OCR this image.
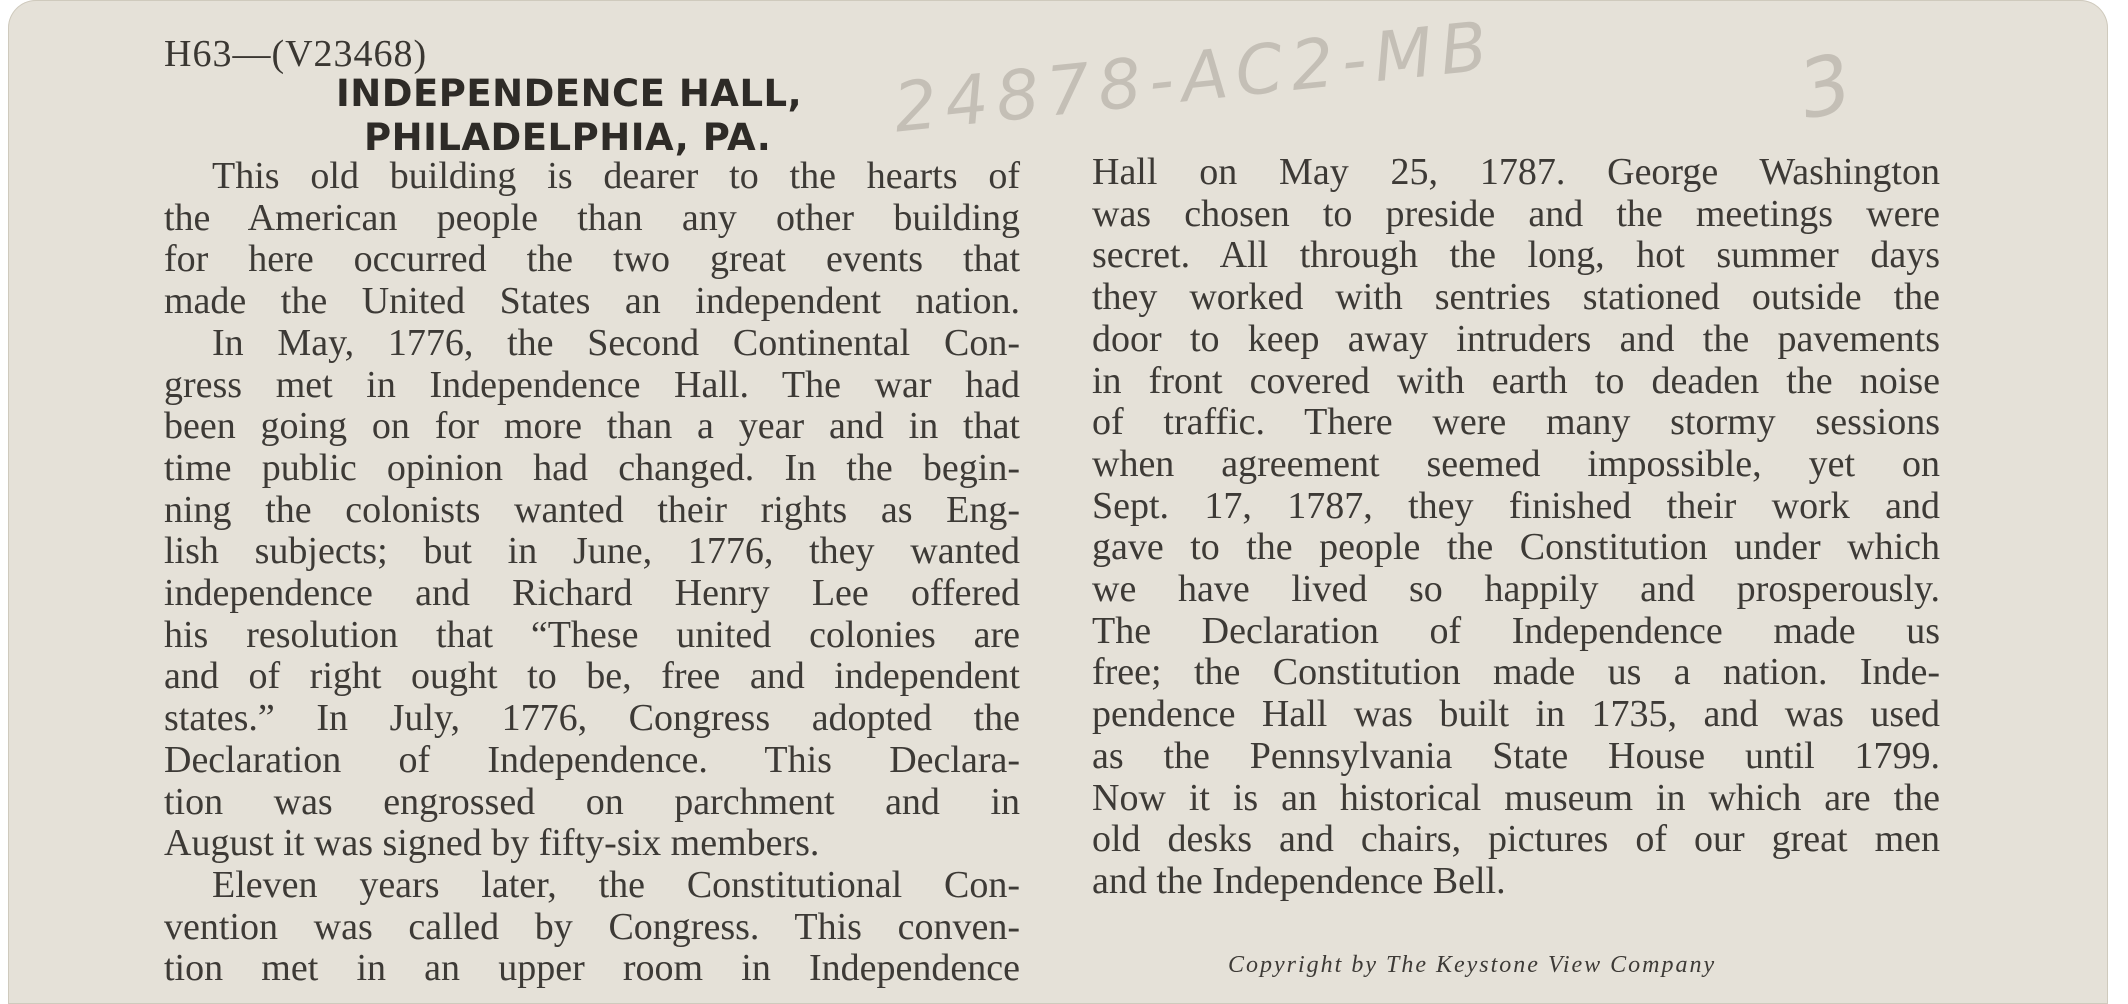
24878-AC2-MB	3
H63—(V23468)
INDEPENDENCE HALL,
PHILADELPHIA, PA.
This old building is dearer to the hearts of
the American people than any other building
for here occurred the two great events that
made the United States an independent nation.
In May, 1776, the Second Continental Con-
gress met in Independence Hall. The war had
been going on for more than a year and in that
time public opinion had changed. In the begin-
ning the colonists wanted their rights as Eng-
lish subjects; but in June, 1776, they wanted
independence and Richard Henry Lee offered
his resolution that “These united colonies are
and of right ought to be, free and independent
states.” In July, 1776, Congress adopted the
Declaration of Independence. This Declara-
tion was engrossed on parchment and in
August it was signed by fifty-six members.
Eleven years later, the Constitutional Con-
vention was called by Congress. This conven-
tion met in an upper room in Independence
Hall on May 25, 1787. George Washington
was chosen to preside and the meetings were
secret. All through the long, hot summer days
they worked with sentries stationed outside the
door to keep away intruders and the pavements
in front covered with earth to deaden the noise
of traffic. There were many stormy sessions
when agreement seemed impossible, yet on
Sept. 17, 1787, they finished their work and
gave to the people the Constitution under which
we have lived so happily and prosperously.
The Declaration of Independence made us
free; the Constitution made us a nation. Inde-
pendence Hall was built in 1735, and was used
as the Pennsylvania State House until 1799.
Now it is an historical museum in which are the
old desks and chairs, pictures of our great men
and the Independence Bell.
Copyright by The Keystone View Company
